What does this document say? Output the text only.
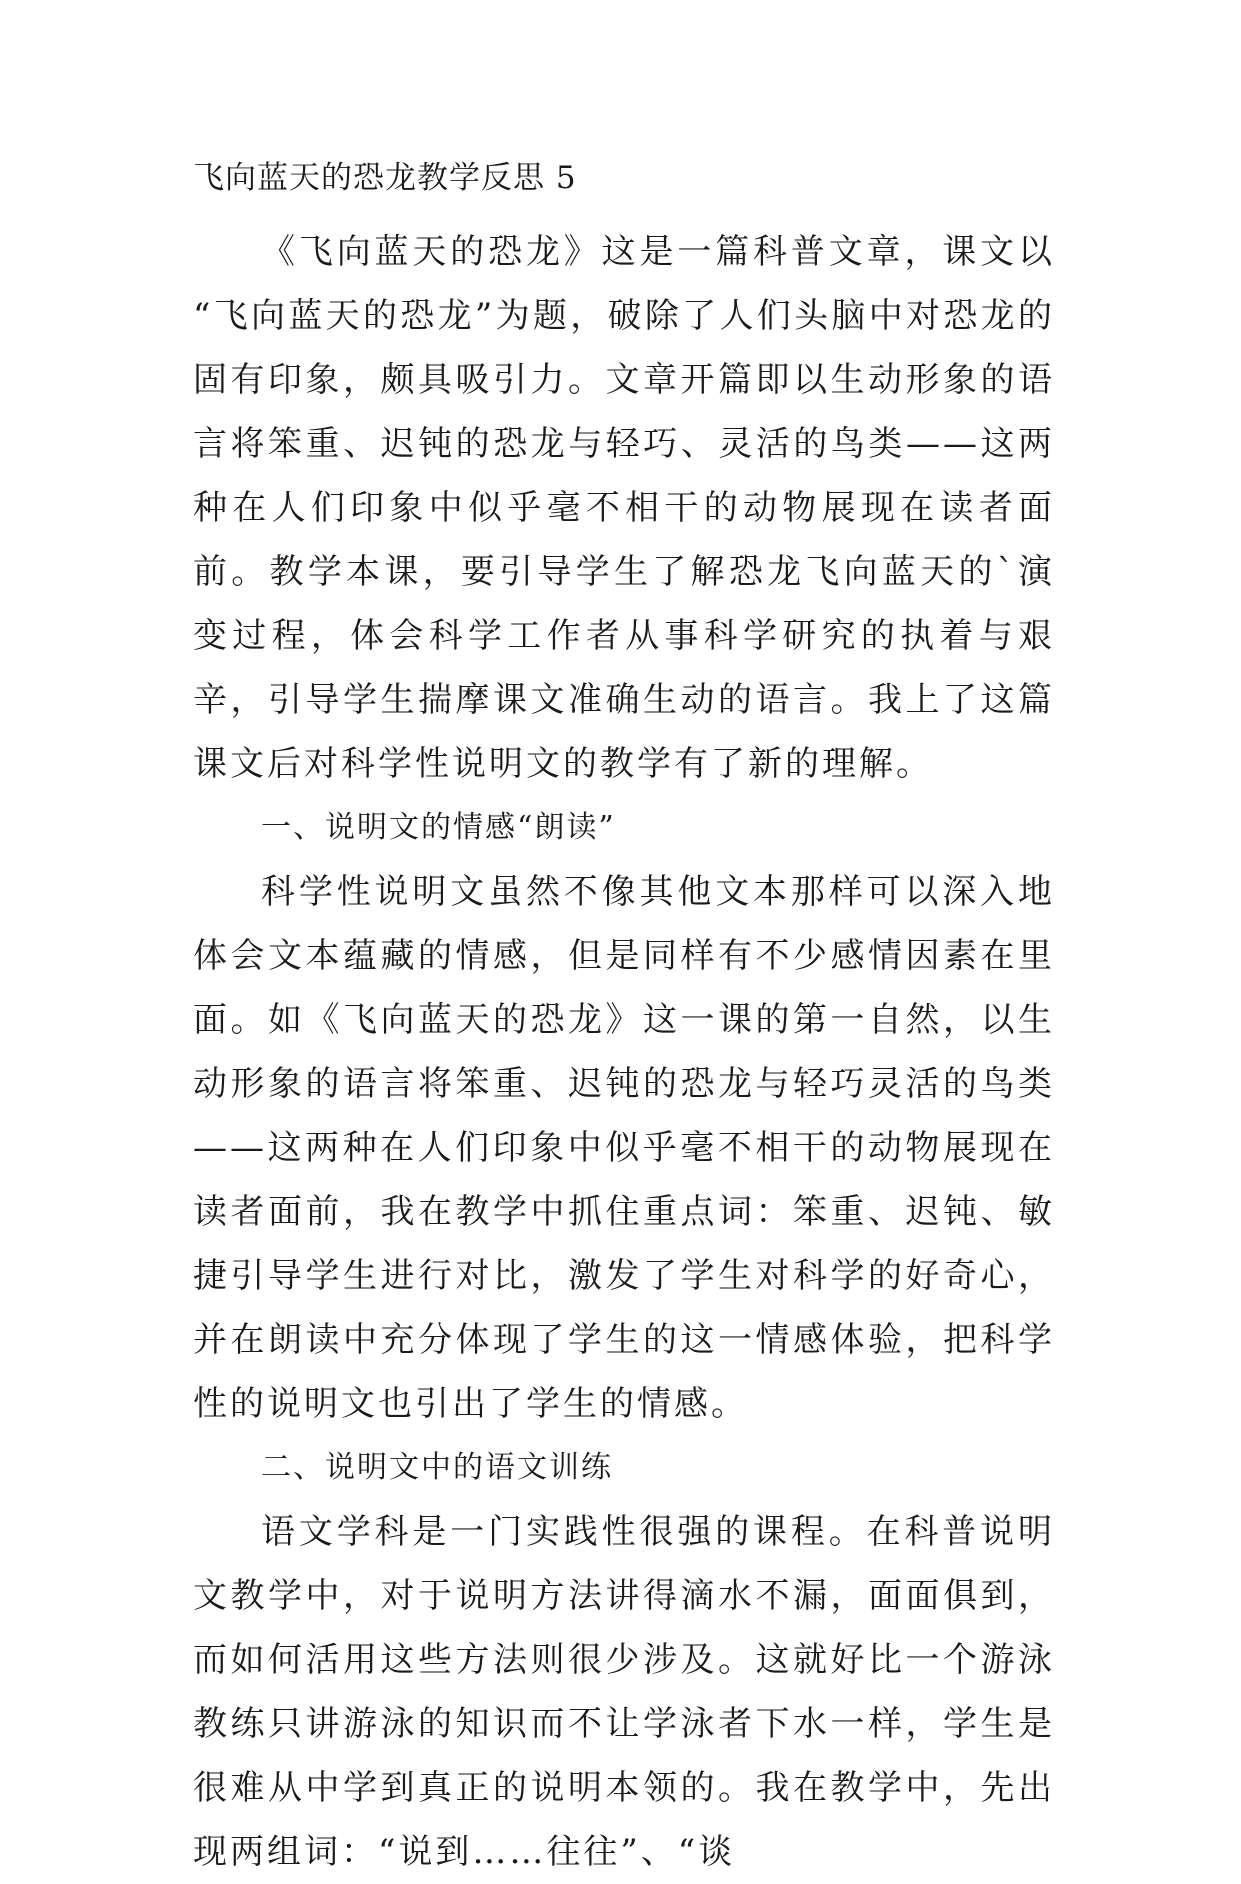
飞向蓝天的恐龙教学反思 5

《飞向蓝天的恐龙》这是一篇科普文章，课文以 “飞向蓝天的恐龙”为题，破除了人们头脑中对恐龙的固有印象，颇具吸引力。文章开篇即以生动形象的语言将笨重、迟钝的恐龙与轻巧、灵活的鸟类——这两种在人们印象中似乎毫不相干的动物展现在读者面前。教学本课，要引导学生了解恐龙飞向蓝天的`演变过程，体会科学工作者从事科学研究的执着与艰辛，引导学生揣摩课文准确生动的语言。我上了这篇课文后对科学性说明文的教学有了新的理解。

一、说明文的情感“朗读”

科学性说明文虽然不像其他文本那样可以深入地体会文本蕴藏的情感，但是同样有不少感情因素在里面。如《飞向蓝天的恐龙》这一课的第一自然，以生动形象的语言将笨重、迟钝的恐龙与轻巧灵活的鸟类——这两种在人们印象中似乎毫不相干的动物展现在读者面前，我在教学中抓住重点词：笨重、迟钝、敏捷引导学生进行对比，激发了学生对科学的好奇心，并在朗读中充分体现了学生的这一情感体验，把科学性的说明文也引出了学生的情感。

二、说明文中的语文训练

语文学科是一门实践性很强的课程。在科普说明文教学中，对于说明方法讲得滴水不漏，面面俱到，而如何活用这些方法则很少涉及。这就好比一个游泳教练只讲游泳的知识而不让学泳者下水一样，学生是很难从中学到真正的说明本领的。我在教学中，先出现两组词：“说到……往往”、“谈
